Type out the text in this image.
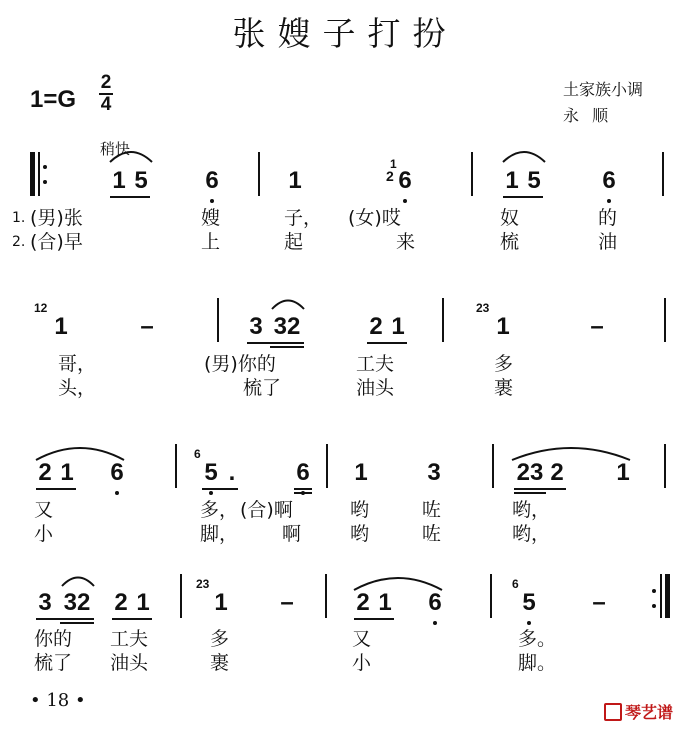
张嫂子打扮
1=G
2
4
土家族小调
永 顺
稍快
1 5 6	1
1
2 6	1 5	6
1. (男)张	嫂	子， (女)哎	奴	的
2. (合)早	上	起	来	梳	油
12
1	–	3 32	2 1
23
1	–
哥，	(男)你的	工夫	多
头，	梳了	油头	裹
2 1 6
6
5 .	6 1 3	23 2 1
又	多， (合)啊	哟	咗	哟，
小	脚， 啊	哟	咗	哟，
3 32 2 1
23
1 –	2 1 6
6
5 –
你的 工夫	多	又	多。
梳了 油头	裹	小	脚。
• 18 •
琴艺谱
